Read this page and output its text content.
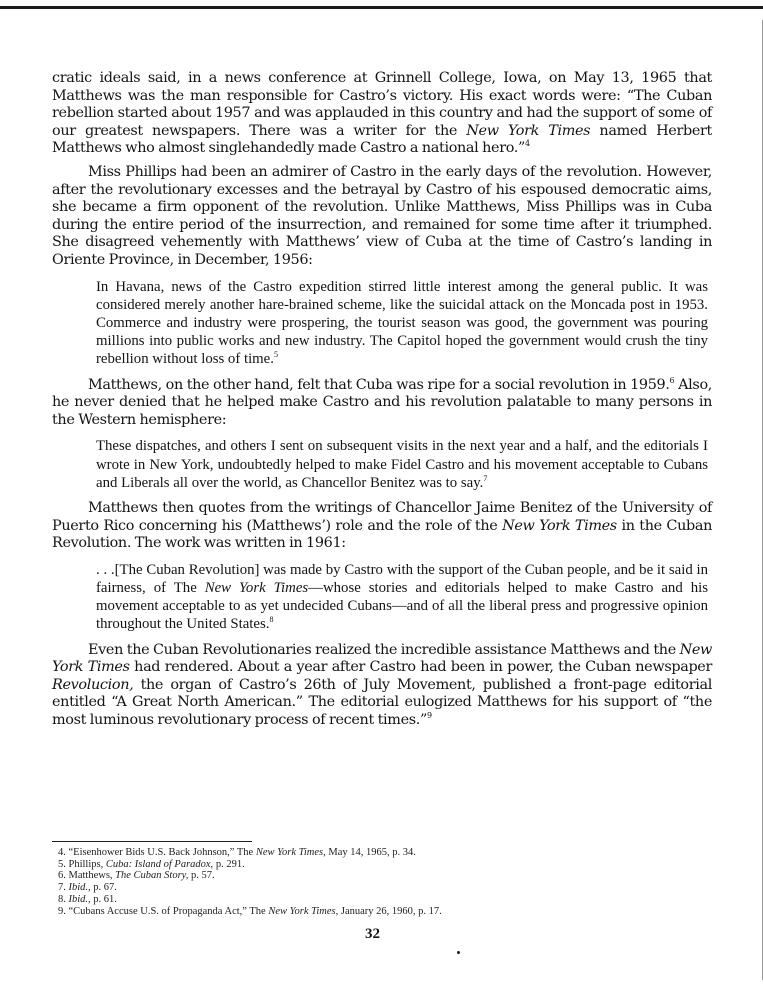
cratic ideals said, in a news conference at Grinnell College, Iowa, on May 13, 1965 that Matthews was the man responsible for Castro’s victory. His exact words were: “The Cuban rebellion started about 1957 and was applauded in this country and had the support of some of our greatest newspapers. There was a writer for the New York Times named Herbert Matthews who almost singlehandedly made Castro a national hero.”$^4$

Miss Phillips had been an admirer of Castro in the early days of the revolution. However, after the revolutionary excesses and the betrayal by Castro of his espoused democratic aims, she became a firm opponent of the revolution. Unlike Matthews, Miss Phillips was in Cuba during the entire period of the insurrection, and remained for some time after it triumphed. She disagreed vehemently with Matthews’ view of Cuba at the time of Castro’s landing in Oriente Province, in December, 1956:

In Havana, news of the Castro expedition stirred little interest among the general public. It was considered merely another hare-brained scheme, like the suicidal attack on the Moncada post in 1953. Commerce and industry were prospering, the tourist season was good, the government was pouring millions into public works and new industry. The Capitol hoped the government would crush the tiny rebellion without loss of time.$^5$

Matthews, on the other hand, felt that Cuba was ripe for a social revolution in 1959.$^6$ Also, he never denied that he helped make Castro and his revolution palatable to many persons in the Western hemisphere:

These dispatches, and others I sent on subsequent visits in the next year and a half, and the editorials I wrote in New York, undoubtedly helped to make Fidel Castro and his movement acceptable to Cubans and Liberals all over the world, as Chancellor Benitez was to say.$^7$

Matthews then quotes from the writings of Chancellor Jaime Benitez of the University of Puerto Rico concerning his (Matthews’) role and the role of the New York Times in the Cuban Revolution. The work was written in 1961:

. . .[The Cuban Revolution] was made by Castro with the support of the Cuban people, and be it said in fairness, of The New York Times—whose stories and editorials helped to make Castro and his movement acceptable to as yet undecided Cubans—and of all the liberal press and progressive opinion throughout the United States.$^8$

Even the Cuban Revolutionaries realized the incredible assistance Matthews and the New York Times had rendered. About a year after Castro had been in power, the Cuban newspaper Revolucion, the organ of Castro’s 26th of July Movement, published a front-page editorial entitled “A Great North American.” The editorial eulogized Matthews for his support of “the most luminous revolutionary process of recent times.”$^9$

4. “Eisenhower Bids U.S. Back Johnson,” The New York Times, May 14, 1965, p. 34.
5. Phillips, Cuba: Island of Paradox, p. 291.
6. Matthews, The Cuban Story, p. 57.
7. Ibid., p. 67.
8. Ibid., p. 61.
9. “Cubans Accuse U.S. of Propaganda Act,” The New York Times, January 26, 1960, p. 17.
32
